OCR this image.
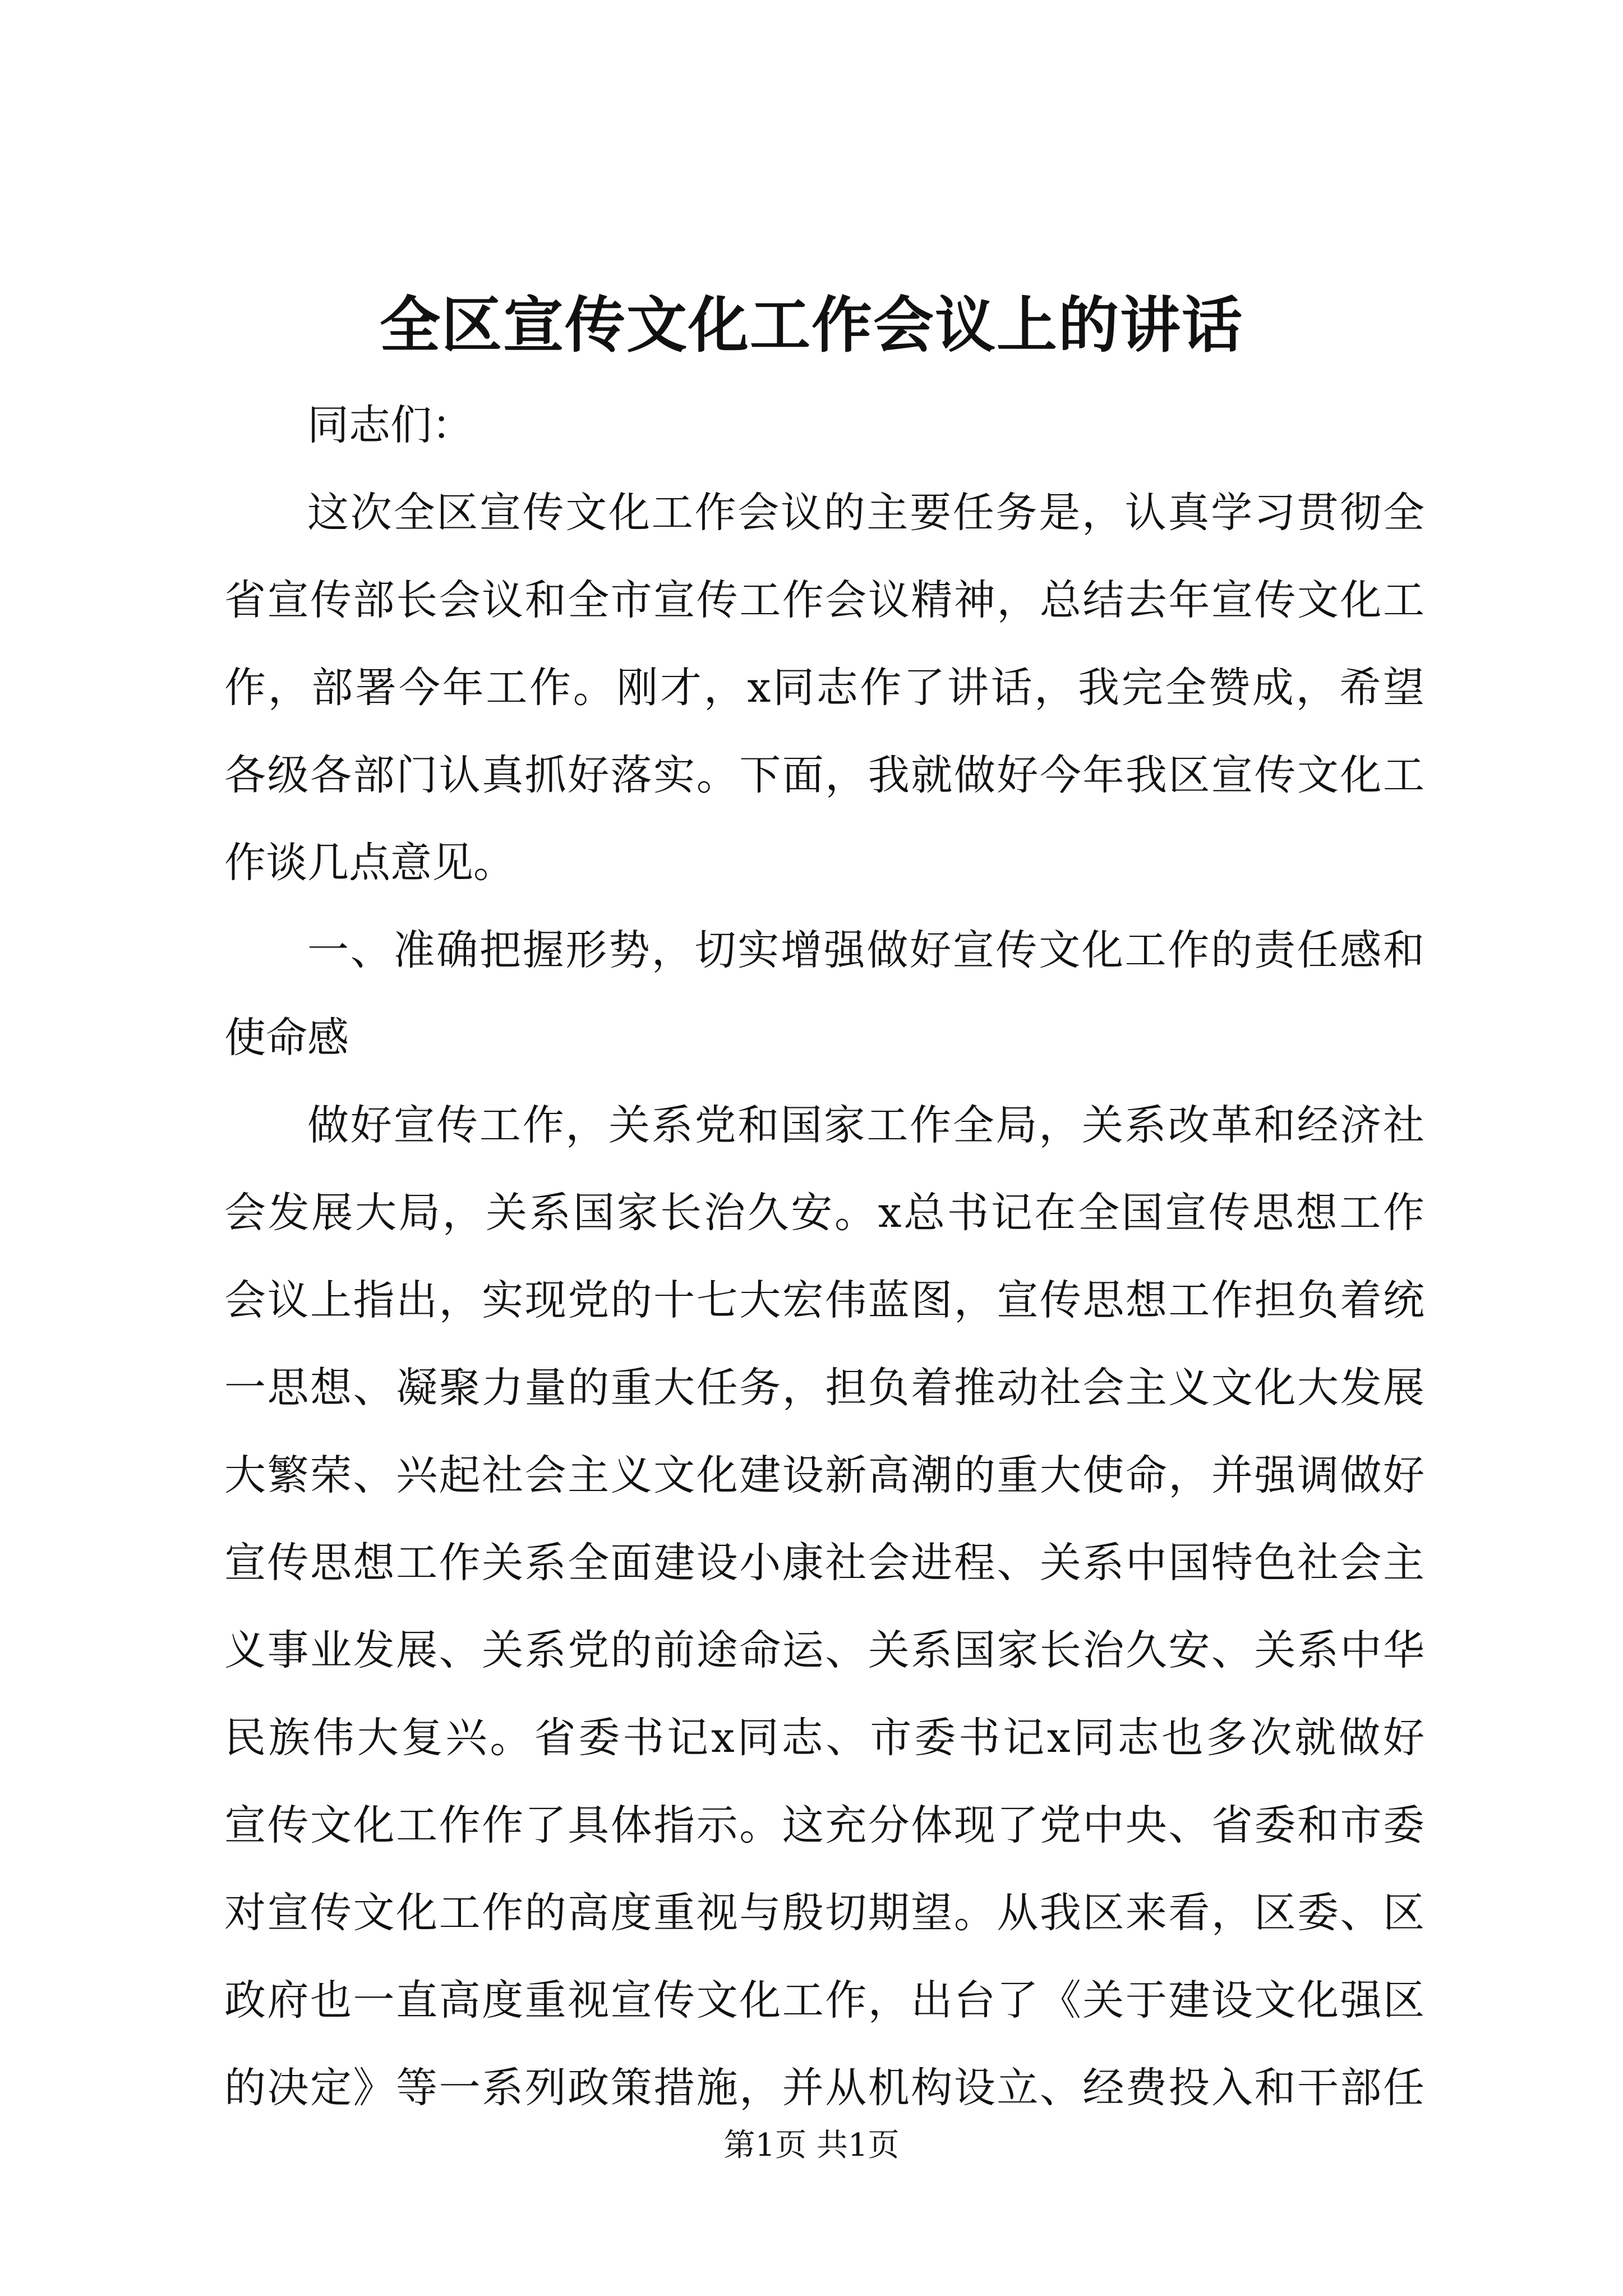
全区宣传文化工作会议上的讲话
同志们：
这次全区宣传文化工作会议的主要任务是，认真学习贯彻全
省宣传部长会议和全市宣传工作会议精神，总结去年宣传文化工
作，部署今年工作。刚才，x同志作了讲话，我完全赞成，希望
各级各部门认真抓好落实。下面，我就做好今年我区宣传文化工
作谈几点意见。
一、准确把握形势，切实增强做好宣传文化工作的责任感和
使命感
做好宣传工作，关系党和国家工作全局，关系改革和经济社
会发展大局，关系国家长治久安。x总书记在全国宣传思想工作
会议上指出，实现党的十七大宏伟蓝图，宣传思想工作担负着统
一思想、凝聚力量的重大任务，担负着推动社会主义文化大发展
大繁荣、兴起社会主义文化建设新高潮的重大使命，并强调做好
宣传思想工作关系全面建设小康社会进程、关系中国特色社会主
义事业发展、关系党的前途命运、关系国家长治久安、关系中华
民族伟大复兴。省委书记x同志、市委书记x同志也多次就做好
宣传文化工作作了具体指示。这充分体现了党中央、省委和市委
对宣传文化工作的高度重视与殷切期望。从我区来看，区委、区
政府也一直高度重视宣传文化工作，出台了《关于建设文化强区
的决定》等一系列政策措施，并从机构设立、经费投入和干部任
第1页 共1页
